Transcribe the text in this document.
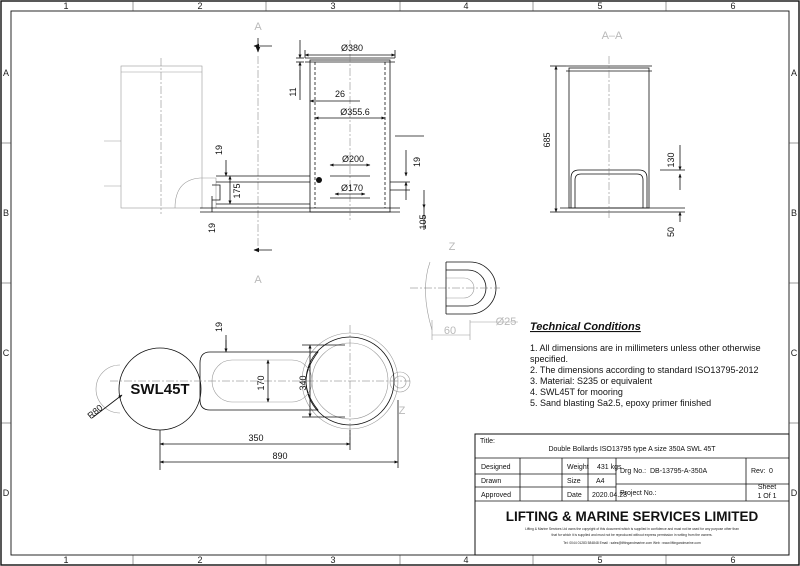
1	2	3	4	5	6
1	2	3	4	5	6
A
B
C
D
A
B
C
D
A
A
A–A
Ø380
11	26
Ø355.6
19
175
19
Ø200
Ø170
19
105
685
130
50
Z
Z
60
Ø25
SWL45T
R80
19
170	340
350
890
Technical Conditions
1. All dimensions are in millimeters unless other otherwise
specified.
2. The dimensions according to standard ISO13795-2012
3. Material: S235 or equivalent
4. SWL45T for mooring
5. Sand blasting Sa2.5, epoxy primer finished
Title:
Double Bollards ISO13795 type A size 350A SWL 45T
Designed
Drawn
Approved
Weight 431 kgs
Size A4
Date 2020.04.28
Drg No.: DB-13795-A-350A	Rev: 0
Project No.:
Sheet
1 Of 1
LIFTING & MARINE SERVICES LIMITED
Lifting & Marine Services Ltd owns the copyright of this document which is supplied in confidence and must not be used for any purpose other than
that for which it is supplied and must not be reproduced without express permission in writing from the owners.
Tel: 0044 01283 584848 Email : sales@liftingandmarine.com Web : www.liftingandmarine.com
